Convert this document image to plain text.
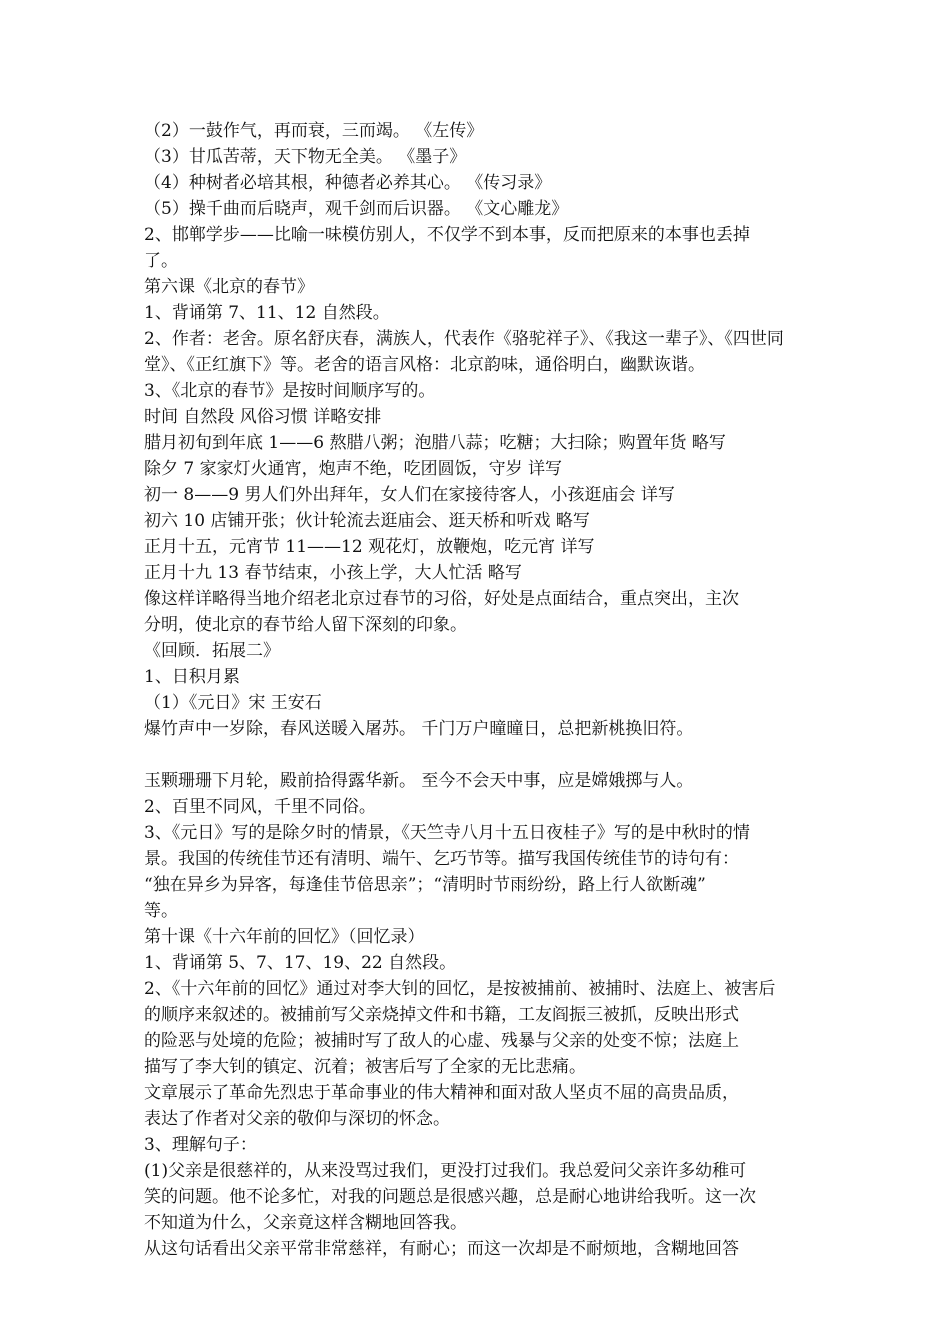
（2）一鼓作气，再而衰，三而竭。 《左传》
（3）甘瓜苦蒂，天下物无全美。 《墨子》
（4）种树者必培其根，种德者必养其心。 《传习录》
（5）操千曲而后晓声，观千剑而后识器。 《文心雕龙》
2、邯郸学步——比喻一味模仿别人，不仅学不到本事，反而把原来的本事也丢掉
了。
第六课《北京的春节》
1、背诵第 7、11、12 自然段。
2、作者：老舍。原名舒庆春，满族人，代表作《骆驼祥子》、《我这一辈子》、《四世同
堂》、《正红旗下》等。老舍的语言风格：北京韵味，通俗明白，幽默诙谐。
3、《北京的春节》是按时间顺序写的。
时间 自然段 风俗习惯 详略安排
腊月初旬到年底 1——6 熬腊八粥；泡腊八蒜；吃糖；大扫除；购置年货 略写
除夕 7 家家灯火通宵，炮声不绝，吃团圆饭，守岁 详写
初一 8——9 男人们外出拜年，女人们在家接待客人，小孩逛庙会 详写
初六 10 店铺开张；伙计轮流去逛庙会、逛天桥和听戏 略写
正月十五，元宵节 11——12 观花灯，放鞭炮，吃元宵 详写
正月十九 13 春节结束，小孩上学，大人忙活 略写
像这样详略得当地介绍老北京过春节的习俗，好处是点面结合，重点突出，主次
分明，使北京的春节给人留下深刻的印象。
《回顾．拓展二》
1、日积月累
（1）《元日》宋 王安石
爆竹声中一岁除，春风送暖入屠苏。 千门万户曈曈日，总把新桃换旧符。

玉颗珊珊下月轮，殿前拾得露华新。 至今不会天中事，应是嫦娥掷与人。
2、百里不同风，千里不同俗。
3、《元日》写的是除夕时的情景，《天竺寺八月十五日夜桂子》写的是中秋时的情
景。我国的传统佳节还有清明、端午、乞巧节等。描写我国传统佳节的诗句有：
“独在异乡为异客，每逢佳节倍思亲”；“清明时节雨纷纷，路上行人欲断魂”
等。
第十课《十六年前的回忆》（回忆录）
1、背诵第 5、7、17、19、22 自然段。
2、《十六年前的回忆》通过对李大钊的回忆，是按被捕前、被捕时、法庭上、被害后
的顺序来叙述的。被捕前写父亲烧掉文件和书籍，工友阎振三被抓，反映出形式
的险恶与处境的危险；被捕时写了敌人的心虚、残暴与父亲的处变不惊；法庭上
描写了李大钊的镇定、沉着；被害后写了全家的无比悲痛。
文章展示了革命先烈忠于革命事业的伟大精神和面对敌人坚贞不屈的高贵品质，
表达了作者对父亲的敬仰与深切的怀念。
3、理解句子：
(1)父亲是很慈祥的，从来没骂过我们，更没打过我们。我总爱问父亲许多幼稚可
笑的问题。他不论多忙，对我的问题总是很感兴趣，总是耐心地讲给我听。这一次
不知道为什么，父亲竟这样含糊地回答我。
从这句话看出父亲平常非常慈祥，有耐心；而这一次却是不耐烦地，含糊地回答
